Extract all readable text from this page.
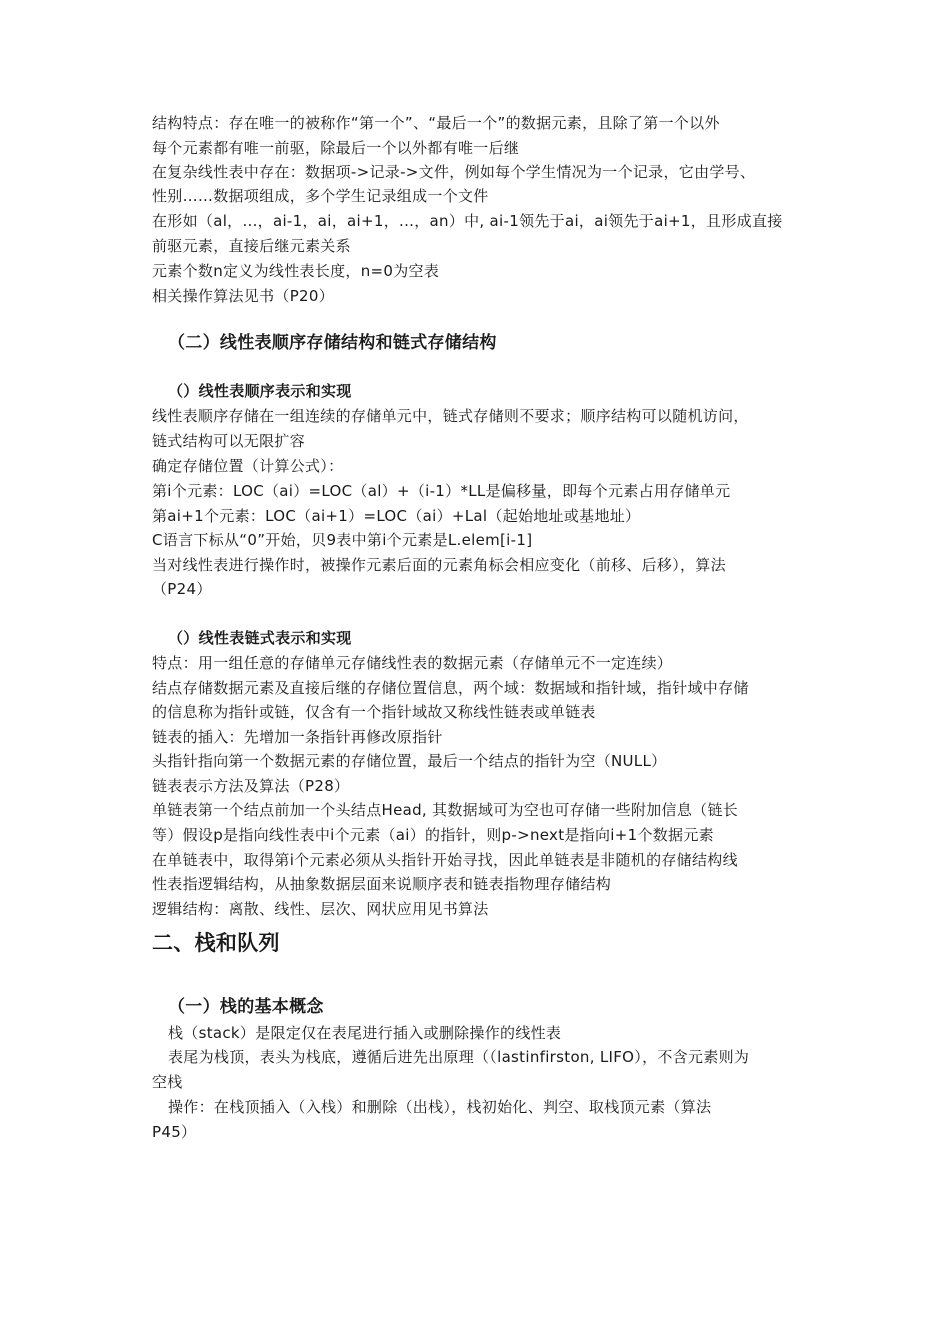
结构特点：存在唯一的被称作“第一个”、“最后一个”的数据元素，且除了第一个以外

每个元素都有唯一前驱，除最后一个以外都有唯一后继

在复杂线性表中存在：数据项->记录->文件，例如每个学生情况为一个记录，它由学号、

性别……数据项组成，多个学生记录组成一个文件

在形如（al，...，ai-1，ai，ai+1，...，an）中, ai-1领先于ai，ai领先于ai+1，且形成直接

前驱元素，直接后继元素关系

元素个数n定义为线性表长度，n=0为空表

相关操作算法见书（P20）

（二）线性表顺序存储结构和链式存储结构

（）线性表顺序表示和实现

线性表顺序存储在一组连续的存储单元中，链式存储则不要求；顺序结构可以随机访问，

链式结构可以无限扩容

确定存储位置（计算公式）：

第i个元素：LOC（ai）=LOC（al）+（i-1）*LL是偏移量，即每个元素占用存储单元

第ai+1个元素：LOC（ai+1）=LOC（ai）+Lal（起始地址或基地址）

C语言下标从“0”开始，贝9表中第i个元素是L.elem[i-1]

当对线性表进行操作时，被操作元素后面的元素角标会相应变化（前移、后移），算法

（P24）

（）线性表链式表示和实现

特点：用一组任意的存储单元存储线性表的数据元素（存储单元不一定连续）

结点存储数据元素及直接后继的存储位置信息，两个域：数据域和指针域，指针域中存储

的信息称为指针或链，仅含有一个指针域故又称线性链表或单链表

链表的插入：先增加一条指针再修改原指针

头指针指向第一个数据元素的存储位置，最后一个结点的指针为空（NULL）

链表表示方法及算法（P28）

单链表第一个结点前加一个头结点Head, 其数据域可为空也可存储一些附加信息（链长

等）假设p是指向线性表中i个元素（ai）的指针，则p->next是指向i+1个数据元素

在单链表中，取得第i个元素必须从头指针开始寻找，因此单链表是非随机的存储结构线

性表指逻辑结构，从抽象数据层面来说顺序表和链表指物理存储结构

逻辑结构：离散、线性、层次、网状应用见书算法

二、栈和队列

（一）栈的基本概念

栈（stack）是限定仅在表尾进行插入或删除操作的线性表

表尾为栈顶，表头为栈底，遵循后进先出原理（（lastinfirston, LIFO），不含元素则为

空栈

操作：在栈顶插入（入栈）和删除（出栈），栈初始化、判空、取栈顶元素（算法

P45）
